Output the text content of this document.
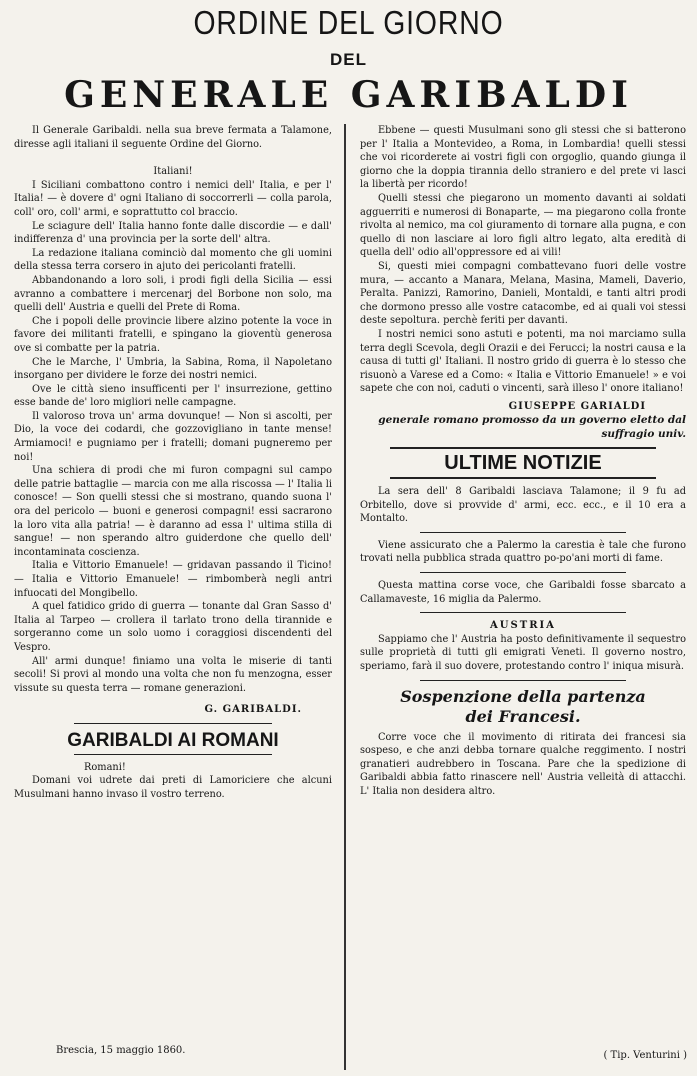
ORDINE DEL GIORNO
DEL
GENERALE GARIBALDI

Il Generale Garibaldi. nella sua breve fermata a Talamone, diresse agli italiani il seguente Ordine del Giorno.

Italiani!

I Siciliani combattono contro i nemici dell' Italia, e per l' Italia! — è dovere d' ogni Italiano di soccorrerli — colla parola, coll' oro, coll' armi, e soprattutto col braccio.

Le sciagure dell' Italia hanno fonte dalle discordie — e dall' indifferenza d' una provincia per la sorte dell' altra.

La redazione italiana cominciò dal momento che gli uomini della stessa terra corsero in ajuto dei pericolanti fratelli.

Abbandonando a loro soli, i prodi figli della Sicilia — essi avranno a combattere i mercenarj del Borbone non solo, ma quelli dell' Austria e quelli del Prete di Roma.

Che i popoli delle provincie libere alzino potente la voce in favore dei militanti fratelli, e spingano la gioventù generosa ove si combatte per la patria.

Che le Marche, l' Umbria, la Sabina, Roma, il Napoletano insorgano per dividere le forze dei nostri nemici.

Ove le città sieno insufficenti per l' insurrezione, gettino esse bande de' loro migliori nelle campagne.

Il valoroso trova un' arma dovunque! — Non si ascolti, per Dio, la voce dei codardi, che gozzovigliano in tante mense! Armiamoci! e pugniamo per i fratelli; domani pugneremo per noi!

Una schiera di prodi che mi furon compagni sul campo delle patrie battaglie — marcia con me alla riscossa — l' Italia li conosce! — Son quelli stessi che si mostrano, quando suona l' ora del pericolo — buoni e generosi compagni! essi sacrarono la loro vita alla patria! — è daranno ad essa l' ultima stilla di sangue! — non sperando altro guiderdone che quello dell' incontaminata coscienza.

Italia e Vittorio Emanuele! — gridavan passando il Ticino! — Italia e Vittorio Emanuele! — rimbomberà negli antri infuocati del Mongibello.

A quel fatidico grido di guerra — tonante dal Gran Sasso d' Italia al Tarpeo — crollera il tarlato trono della tirannide e sorgeranno come un solo uomo i coraggiosi discendenti del Vespro.

All' armi dunque! finiamo una volta le miserie di tanti secoli! Si provi al mondo una volta che non fu menzogna, esser vissute su questa terra — romane generazioni.

G. GARIBALDI.

GARIBALDI AI ROMANI

Romani!

Domani voi udrete dai preti di Lamoriciere che alcuni Musulmani hanno invaso il vostro terreno.

Brescia, 15 maggio 1860.

Ebbene — questi Musulmani sono gli stessi che si batterono per l' Italia a Montevideo, a Roma, in Lombardia! quelli stessi che voi ricorderete ai vostri figli con orgoglio, quando giunga il giorno che la doppia tirannia dello straniero e del prete vi lasci la libertà per ricordo!

Quelli stessi che piegarono un momento davanti ai soldati agguerriti e numerosi di Bonaparte, — ma piegarono colla fronte rivolta al nemico, ma col giuramento di tornare alla pugna, e con quello di non lasciare ai loro figli altro legato, alta eredità di quella dell' odio all'oppressore ed ai vili!

Si, questi miei compagni combattevano fuori delle vostre mura, — accanto a Manara, Melana, Masina, Mameli, Daverio, Peralta. Panizzi, Ramorino, Danieli, Montaldi, e tanti altri prodi che dormono presso alle vostre catacombe, ed ai quali voi stessi deste sepoltura. perchè feriti per davanti.

I nostri nemici sono astuti e potenti, ma noi marciamo sulla terra degli Scevola, degli Orazii e dei Ferucci; la nostri causa e la causa di tutti gl' Italiani. Il nostro grido di guerra è lo stesso che risuonò a Varese ed a Como: « Italia e Vittorio Emanuele! » e voi sapete che con noi, caduti o vincenti, sarà illeso l' onore italiano!

GIUSEPPE GARIALDI

generale romano promosso da un governo eletto dal suffragio univ.

ULTIME NOTIZIE

La sera dell' 8 Garibaldi lasciava Talamone; il 9 fu ad Orbitello, dove si provvide d' armi, ecc. ecc., e il 10 era a Montalto.

Viene assicurato che a Palermo la carestia è tale che furono trovati nella pubblica strada quattro po-po'ani morti di fame.

Questa mattina corse voce, che Garibaldi fosse sbarcato a Callamaveste, 16 miglia da Palermo.

AUSTRIA

Sappiamo che l' Austria ha posto definitivamente il sequestro sulle proprietà di tutti gli emigrati Veneti. Il governo nostro, speriamo, farà il suo dovere, protestando contro l' iniqua misurà.

Sospenzione della partenza

dei Francesi.

Corre voce che il movimento di ritirata dei francesi sia sospeso, e che anzi debba tornare qualche reggimento. I nostri granatieri audrebbero in Toscana. Pare che la spedizione di Garibaldi abbia fatto rinascere nell' Austria velleità di attacchi. L' Italia non desidera altro.

( Tip. Venturini )
